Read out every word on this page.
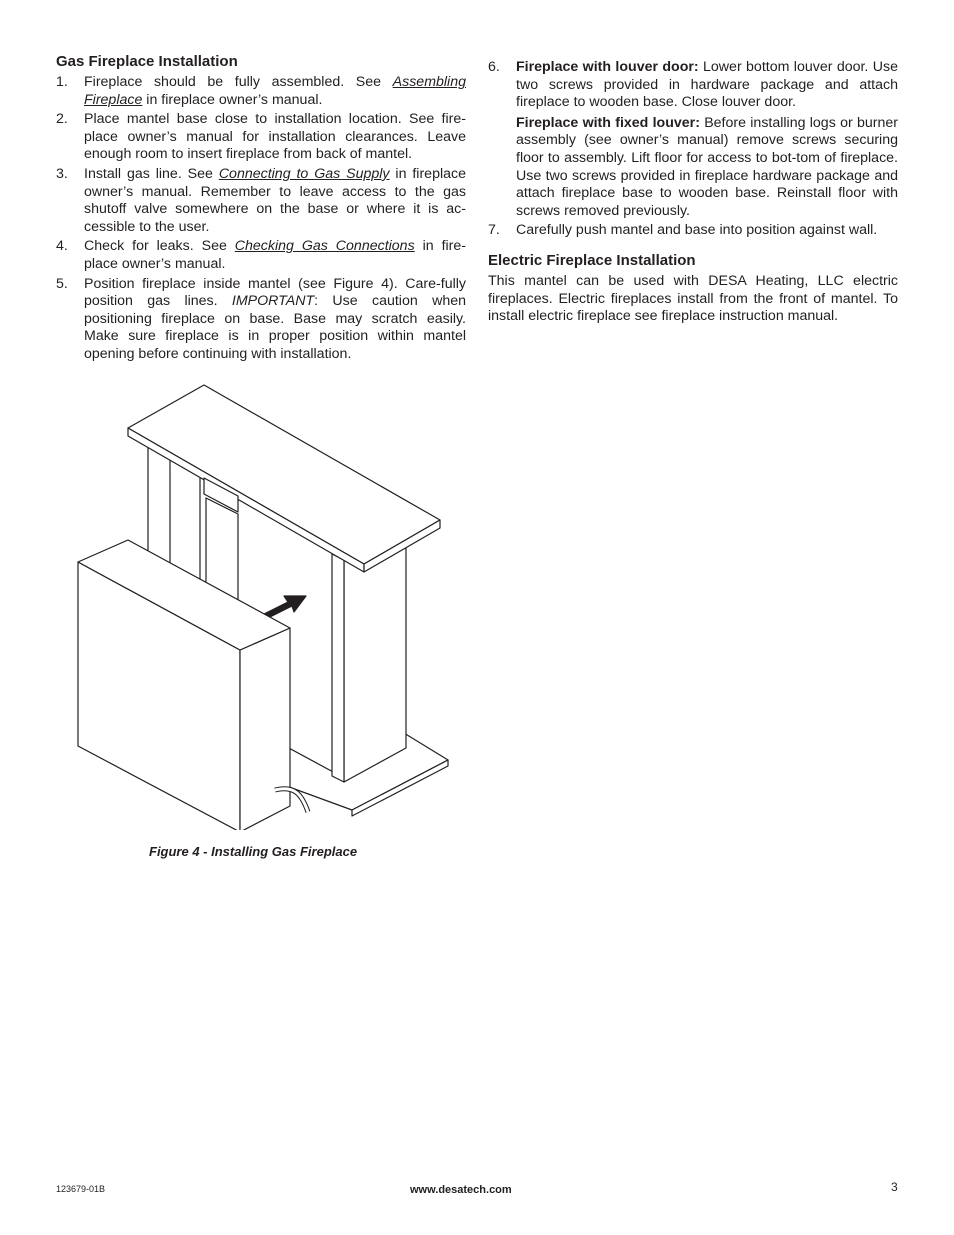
Gas Fireplace Installation
1. Fireplace should be fully assembled. See Assembling Fireplace in fireplace owner’s manual.
2. Place mantel base close to installation location. See fire-place owner’s manual for installation clearances. Leave enough room to insert fireplace from back of mantel.
3. Install gas line. See Connecting to Gas Supply in fireplace owner’s manual. Remember to leave access to the gas shutoff valve somewhere on the base or where it is ac-cessible to the user.
4. Check for leaks. See Checking Gas Connections in fire-place owner’s manual.
5. Position fireplace inside mantel (see Figure 4). Care-fully position gas lines. IMPORTANT: Use caution when positioning fireplace on base. Base may scratch easily. Make sure fireplace is in proper position within mantel opening before continuing with installation.
6. Fireplace with louver door: Lower bottom louver door. Use two screws provided in hardware package and attach fireplace to wooden base. Close louver door.
Fireplace with fixed louver: Before installing logs or burner assembly (see owner’s manual) remove screws securing floor to assembly. Lift floor for access to bot-tom of fireplace. Use two screws provided in fireplace hardware package and attach fireplace base to wooden base. Reinstall floor with screws removed previously.
7. Carefully push mantel and base into position against wall.
Electric Fireplace Installation

This mantel can be used with DESA Heating, LLC electric fireplaces. Electric fireplaces install from the front of mantel. To install electric fireplace see fireplace instruction manual.

Figure 4 - Installing Gas Fireplace
123679-01B	www.desatech.com	3
